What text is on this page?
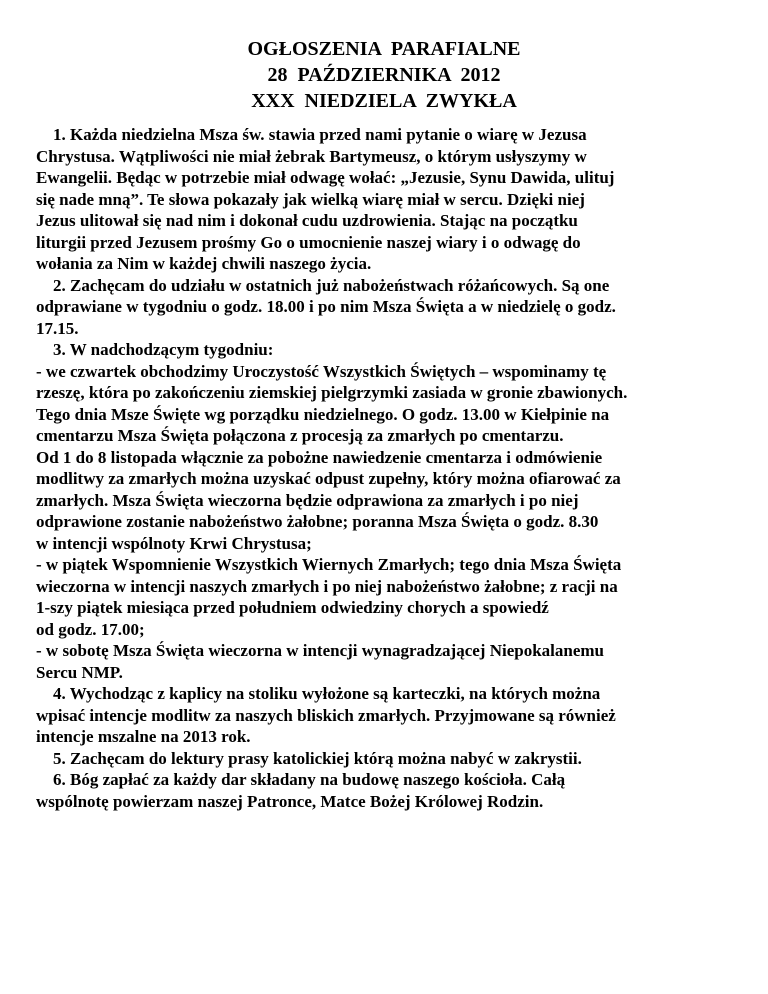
OGŁOSZENIA  PARAFIALNE
28  PAŹDZIERNIKA  2012
XXX  NIEDZIELA  ZWYKŁA
1. Każda niedzielna Msza św. stawia przed nami pytanie o wiarę w Jezusa
Chrystusa. Wątpliwości nie miał żebrak Bartymeusz, o którym usłyszymy w
Ewangelii. Będąc w potrzebie miał odwagę wołać: „Jezusie, Synu Dawida, ulituj
się nade mną”. Te słowa pokazały jak wielką wiarę miał w sercu. Dzięki niej
Jezus ulitował się nad nim i dokonał cudu uzdrowienia. Stając na początku
liturgii przed Jezusem prośmy Go o umocnienie naszej wiary i o odwagę do
wołania za Nim w każdej chwili naszego życia.
2. Zachęcam do udziału w ostatnich już nabożeństwach różańcowych. Są one
odprawiane w tygodniu o godz. 18.00 i po nim Msza Święta a w niedzielę o godz.
17.15.
3. W nadchodzącym tygodniu:
- we czwartek obchodzimy Uroczystość Wszystkich Świętych – wspominamy tę
rzeszę, która po zakończeniu ziemskiej pielgrzymki zasiada w gronie zbawionych.
Tego dnia Msze Święte wg porządku niedzielnego. O godz. 13.00 w Kiełpinie na
cmentarzu Msza Święta połączona z procesją za zmarłych po cmentarzu.
Od 1 do 8 listopada włącznie za pobożne nawiedzenie cmentarza i odmówienie
modlitwy za zmarłych można uzyskać odpust zupełny, który można ofiarować za
zmarłych. Msza Święta wieczorna będzie odprawiona za zmarłych i po niej
odprawione zostanie nabożeństwo żałobne; poranna Msza Święta o godz. 8.30
w intencji wspólnoty Krwi Chrystusa;
- w piątek Wspomnienie Wszystkich Wiernych Zmarłych; tego dnia Msza Święta
wieczorna w intencji naszych zmarłych i po niej nabożeństwo żałobne; z racji na
1-szy piątek miesiąca przed południem odwiedziny chorych a spowiedź
od godz. 17.00;
- w sobotę Msza Święta wieczorna w intencji wynagradzającej Niepokalanemu
Sercu NMP.
4. Wychodząc z kaplicy na stoliku wyłożone są karteczki, na których można
wpisać intencje modlitw za naszych bliskich zmarłych. Przyjmowane są również
intencje mszalne na 2013 rok.
5. Zachęcam do lektury prasy katolickiej którą można nabyć w zakrystii.
6. Bóg zapłać za każdy dar składany na budowę naszego kościoła. Całą
wspólnotę powierzam naszej Patronce, Matce Bożej Królowej Rodzin.
